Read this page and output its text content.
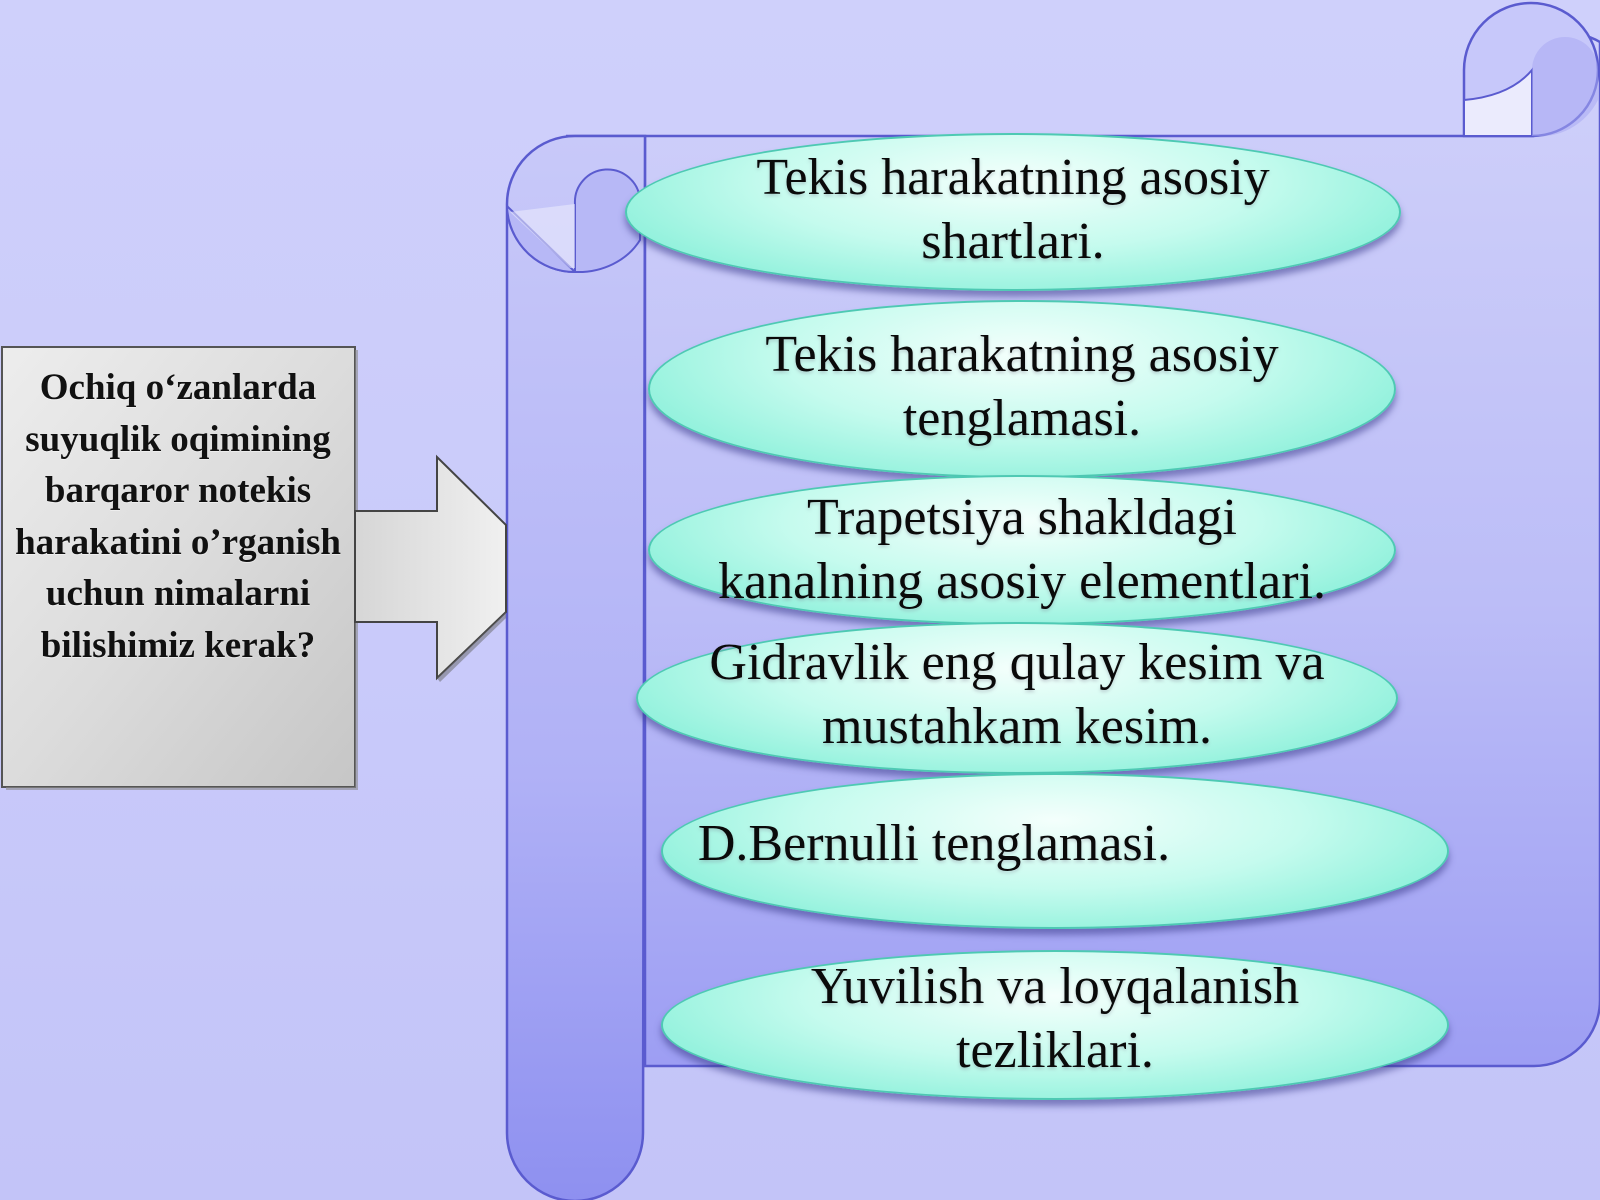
Ochiq o‘zanlarda suyuqlik oqimining barqaror notekis harakatini o’rganish uchun nimalarni bilishimiz kerak?

Tekis harakatning asosiy
shartlari.
Tekis harakatning asosiy
tenglamasi.
Trapetsiya shakldagi
kanalning asosiy elementlari.
Gidravlik eng qulay kesim va
mustahkam kesim.
D.Bernulli tenglamasi.
Yuvilish va loyqalanish
tezliklari.
